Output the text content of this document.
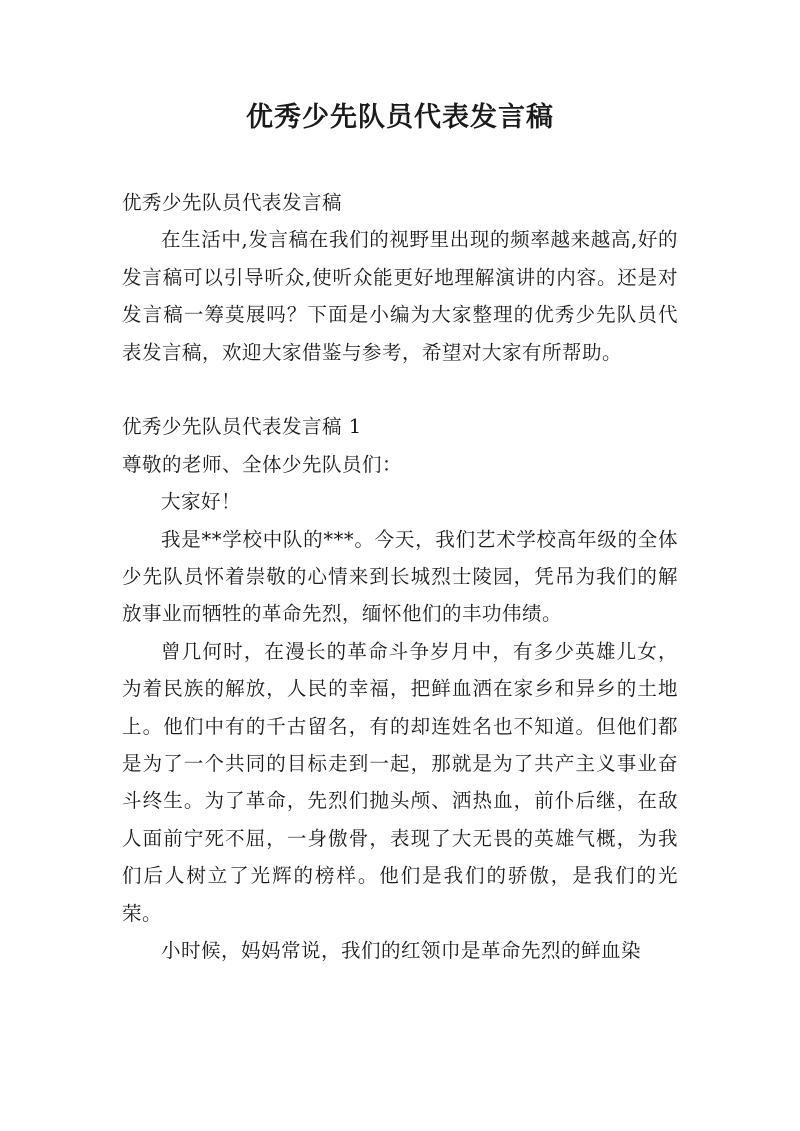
优秀少先队员代表发言稿

优秀少先队员代表发言稿

在生活中,发言稿在我们的视野里出现的频率越来越高,好的发言稿可以引导听众,使听众能更好地理解演讲的内容。还是对发言稿一筹莫展吗？下面是小编为大家整理的优秀少先队员代表发言稿，欢迎大家借鉴与参考，希望对大家有所帮助。

优秀少先队员代表发言稿 1

尊敬的老师、全体少先队员们：

大家好！

我是**学校中队的***。今天，我们艺术学校高年级的全体少先队员怀着崇敬的心情来到长城烈士陵园，凭吊为我们的解放事业而牺牲的革命先烈，缅怀他们的丰功伟绩。

曾几何时，在漫长的革命斗争岁月中，有多少英雄儿女，为着民族的解放，人民的幸福，把鲜血洒在家乡和异乡的土地上。他们中有的千古留名，有的却连姓名也不知道。但他们都是为了一个共同的目标走到一起，那就是为了共产主义事业奋斗终生。为了革命，先烈们抛头颅、洒热血，前仆后继，在敌人面前宁死不屈，一身傲骨，表现了大无畏的英雄气概，为我们后人树立了光辉的榜样。他们是我们的骄傲，是我们的光荣。

小时候，妈妈常说，我们的红领巾是革命先烈的鲜血染
